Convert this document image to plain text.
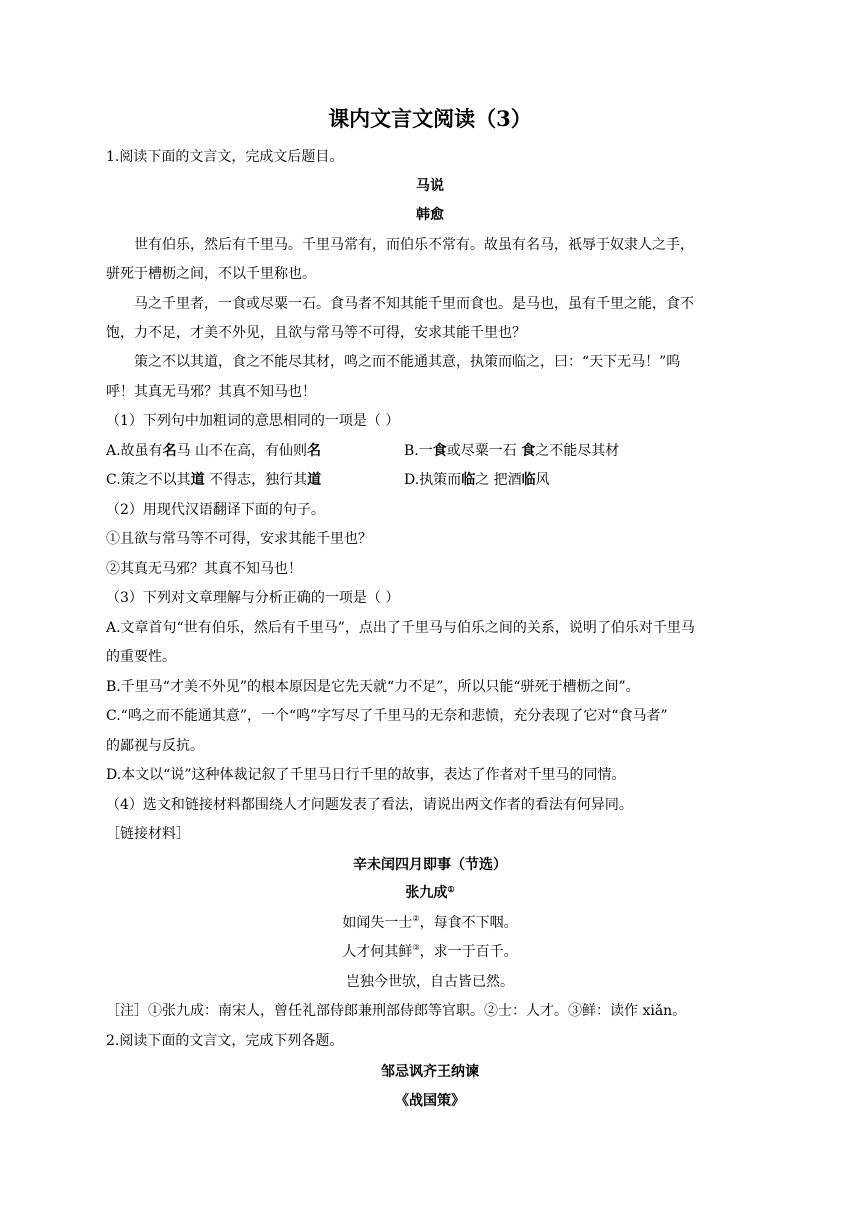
课内文言文阅读（3）
1.阅读下面的文言文，完成文后题目。
马说
韩愈
世有伯乐，然后有千里马。千里马常有，而伯乐不常有。故虽有名马，祇辱于奴隶人之手，
骈死于槽枥之间，不以千里称也。
马之千里者，一食或尽粟一石。食马者不知其能千里而食也。是马也，虽有千里之能，食不
饱，力不足，才美不外见，且欲与常马等不可得，安求其能千里也？
策之不以其道，食之不能尽其材，鸣之而不能通其意，执策而临之，曰：“天下无马！”呜
呼！其真无马邪？其真不知马也！
（1）下列句中加粗词的意思相同的一项是（ ）
A.故虽有名马 山不在高，有仙则名	B.一食或尽粟一石 食之不能尽其材
C.策之不以其道 不得志，独行其道	D.执策而临之 把酒临风
（2）用现代汉语翻译下面的句子。
①且欲与常马等不可得，安求其能千里也？
②其真无马邪？其真不知马也！
（3）下列对文章理解与分析正确的一项是（ ）
A.文章首句“世有伯乐，然后有千里马”，点出了千里马与伯乐之间的关系，说明了伯乐对千里马
的重要性。
B.千里马“才美不外见”的根本原因是它先天就“力不足”，所以只能“骈死于槽枥之间”。
C.“鸣之而不能通其意”，一个“鸣”字写尽了千里马的无奈和悲愤，充分表现了它对“食马者”
的鄙视与反抗。
D.本文以“说”这种体裁记叙了千里马日行千里的故事，表达了作者对千里马的同情。
（4）选文和链接材料都围绕人才问题发表了看法，请说出两文作者的看法有何异同。
［链接材料］
辛未闰四月即事（节选）
张九成①
如闻失一士②，每食不下咽。
人才何其鲜③，求一于百千。
岂独今世欤，自古皆已然。
［注］①张九成：南宋人，曾任礼部侍郎兼刑部侍郎等官职。②士：人才。③鲜：读作 xiǎn。
2.阅读下面的文言文，完成下列各题。
邹忌讽齐王纳谏
《战国策》
